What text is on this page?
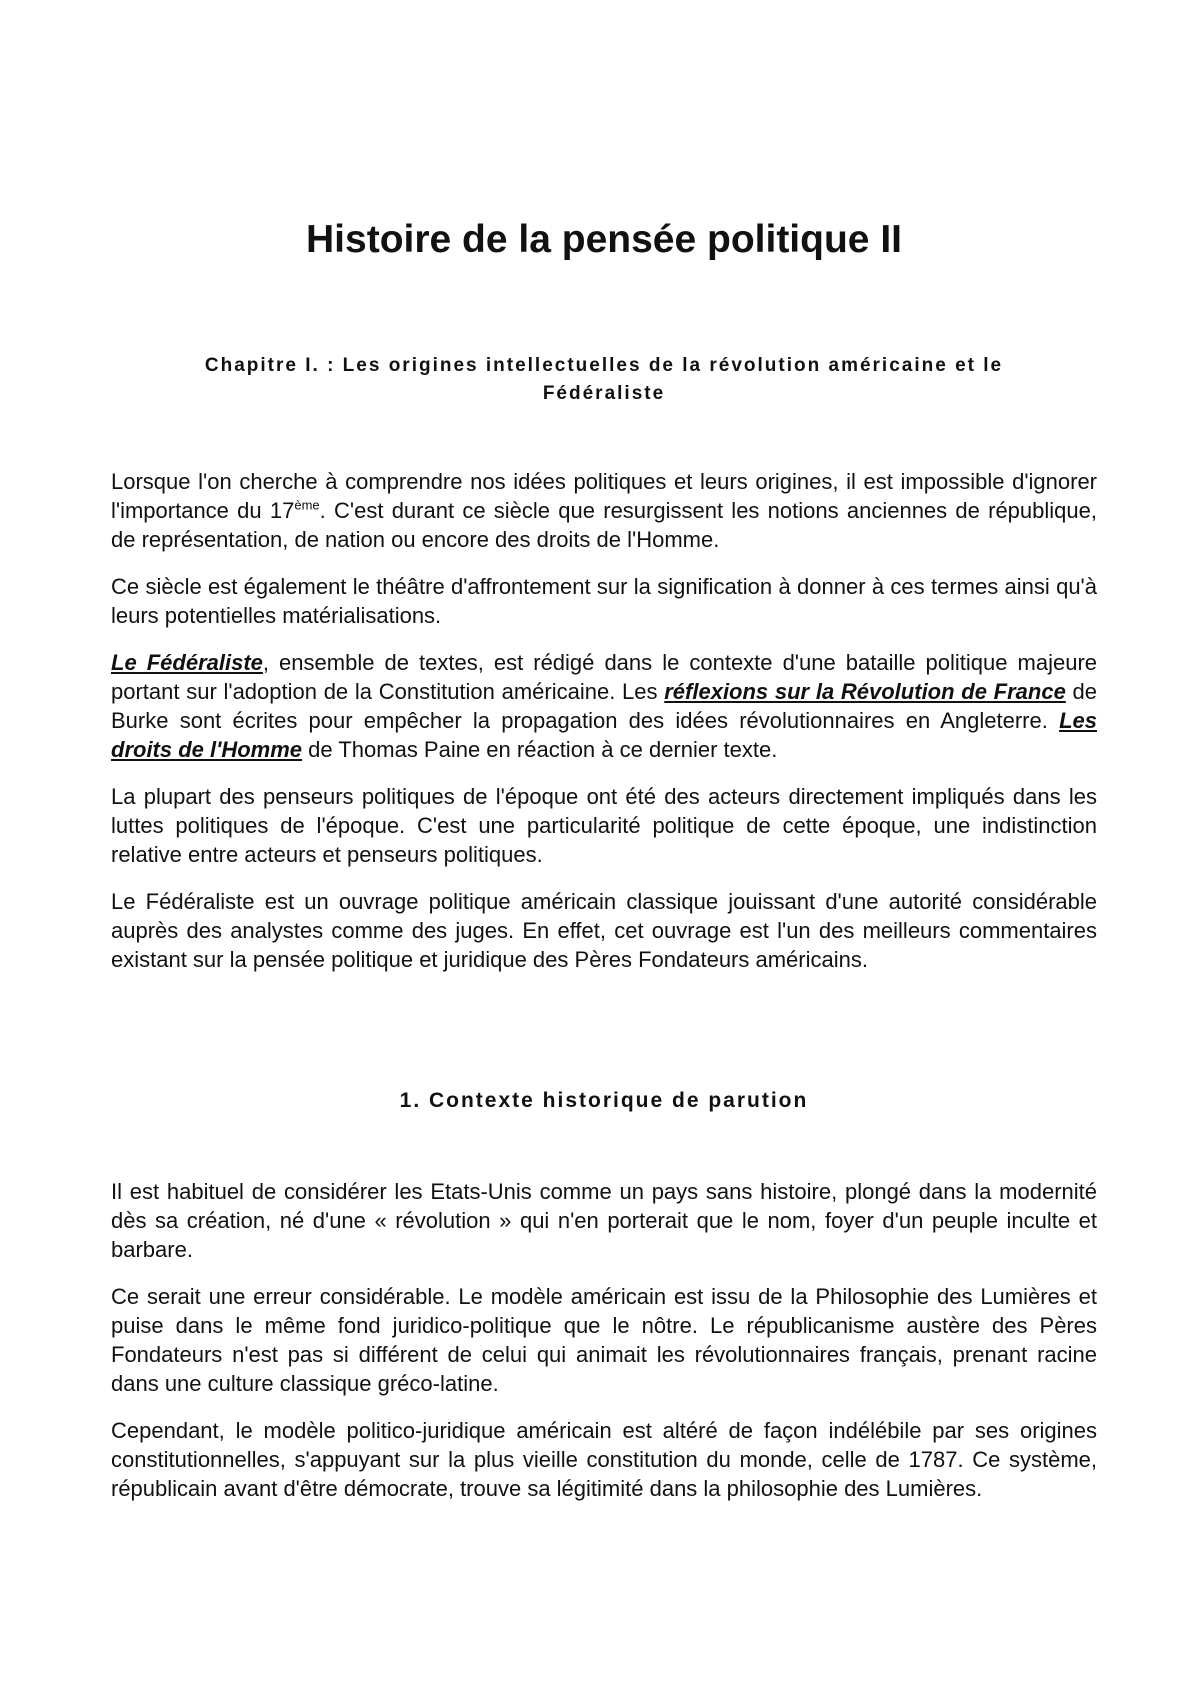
Histoire de la pensée politique II
Chapitre I. : Les origines intellectuelles de la révolution américaine et le
Fédéraliste

Lorsque l'on cherche à comprendre nos idées politiques et leurs origines, il est impossible d'ignorer l'importance du 17ème. C'est durant ce siècle que resurgissent les notions anciennes de république, de représentation, de nation ou encore des droits de l'Homme.

Ce siècle est également le théâtre d'affrontement sur la signification à donner à ces termes ainsi qu'à leurs potentielles matérialisations.

Le Fédéraliste, ensemble de textes, est rédigé dans le contexte d'une bataille politique majeure portant sur l'adoption de la Constitution américaine. Les réflexions sur la Révolution de France de Burke sont écrites pour empêcher la propagation des idées révolutionnaires en Angleterre. Les droits de l'Homme de Thomas Paine en réaction à ce dernier texte.

La plupart des penseurs politiques de l'époque ont été des acteurs directement impliqués dans les luttes politiques de l'époque. C'est une particularité politique de cette époque, une indistinction relative entre acteurs et penseurs politiques.

Le Fédéraliste est un ouvrage politique américain classique jouissant d'une autorité considérable auprès des analystes comme des juges. En effet, cet ouvrage est l'un des meilleurs commentaires existant sur la pensée politique et juridique des Pères Fondateurs américains.

1. Contexte historique de parution

Il est habituel de considérer les Etats-Unis comme un pays sans histoire, plongé dans la modernité dès sa création, né d'une « révolution » qui n'en porterait que le nom, foyer d'un peuple inculte et barbare.

Ce serait une erreur considérable. Le modèle américain est issu de la Philosophie des Lumières et puise dans le même fond juridico-politique que le nôtre. Le républicanisme austère des Pères Fondateurs n'est pas si différent de celui qui animait les révolutionnaires français, prenant racine dans une culture classique gréco-latine.

Cependant, le modèle politico-juridique américain est altéré de façon indélébile par ses origines constitutionnelles, s'appuyant sur la plus vieille constitution du monde, celle de 1787. Ce système, républicain avant d'être démocrate, trouve sa légitimité dans la philosophie des Lumières.
